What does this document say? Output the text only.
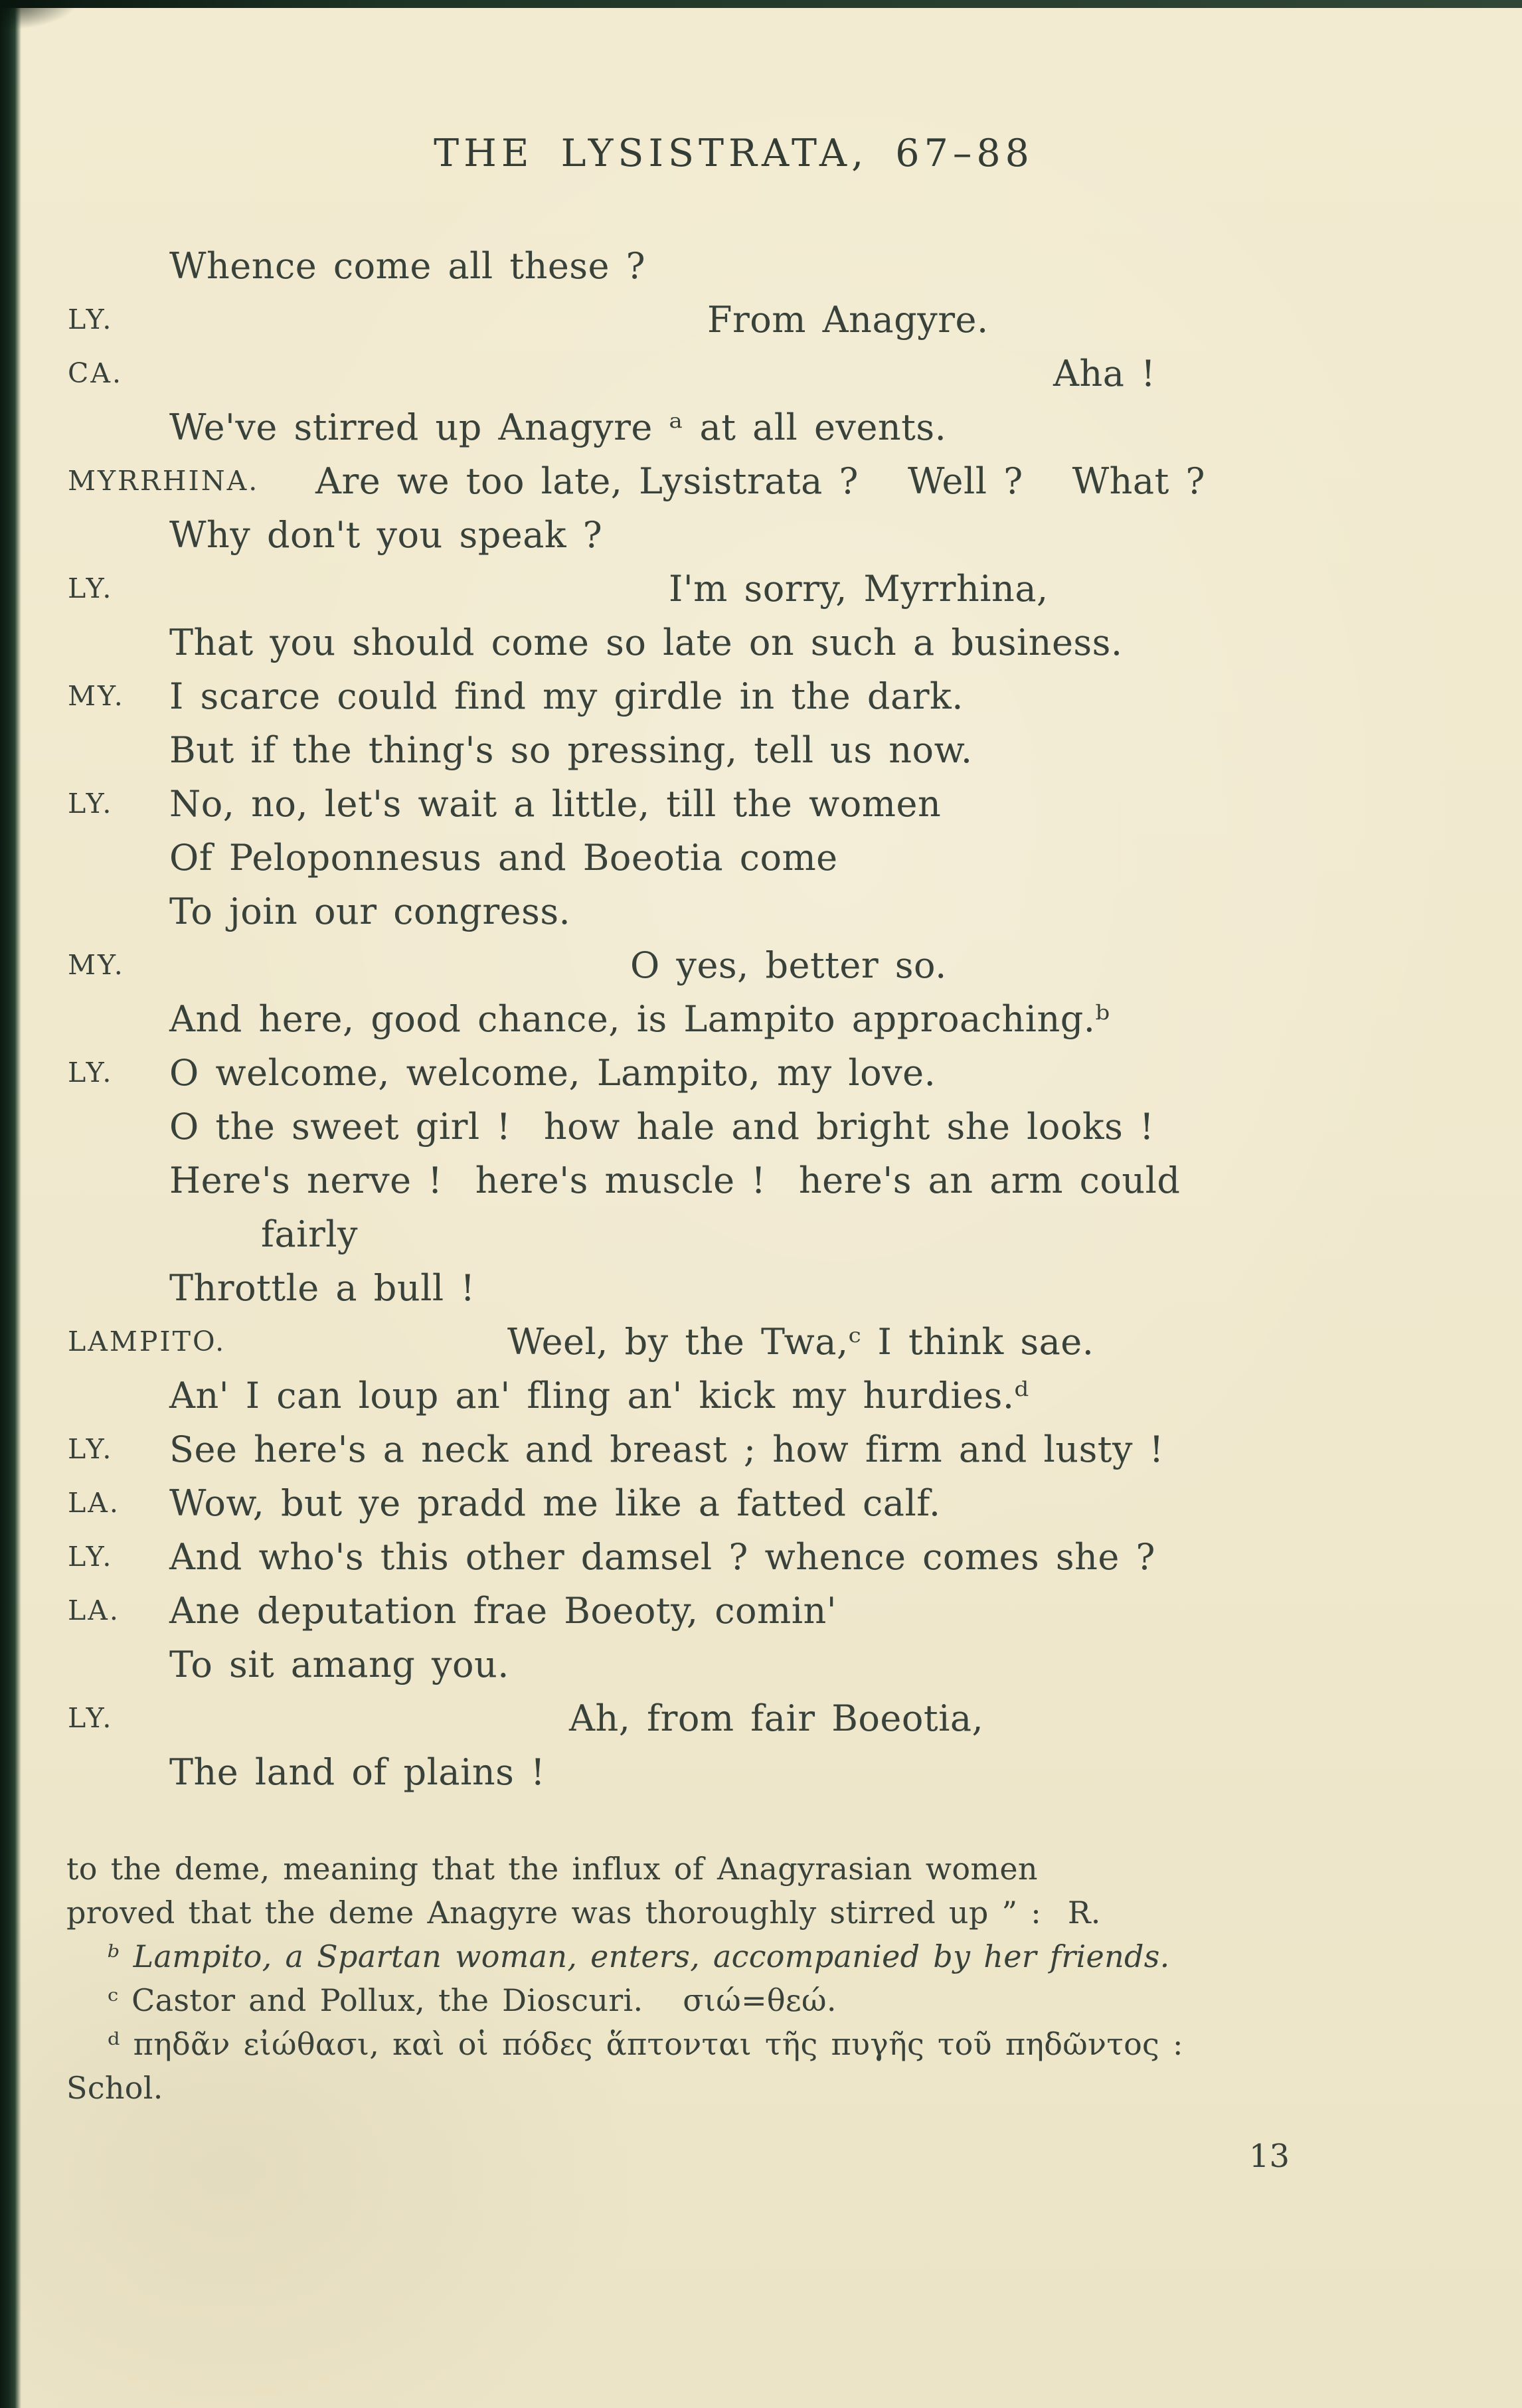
THE LYSISTRATA, 67–88
Whence come all these ?
LY.	From Anagyre.
CA.	Aha !
We've stirred up Anagyre ᵃ at all events.
MYRRHINA. Are we too late, Lysistrata ?   Well ?   What ?
Why don't you speak ?
LY.	I'm sorry, Myrrhina,
That you should come so late on such a business.
MY. I scarce could find my girdle in the dark.
But if the thing's so pressing, tell us now.
LY. No, no, let's wait a little, till the women
Of Peloponnesus and Boeotia come
To join our congress.
MY.	O yes, better so.
And here, good chance, is Lampito approaching.ᵇ
LY. O welcome, welcome, Lampito, my love.
O the sweet girl !  how hale and bright she looks !
Here's nerve !  here's muscle !  here's an arm could
fairly
Throttle a bull !
LAMPITO.	Weel, by the Twa,ᶜ I think sae.
An' I can loup an' fling an' kick my hurdies.ᵈ
LY. See here's a neck and breast ; how firm and lusty !
LA. Wow, but ye pradd me like a fatted calf.
LY. And who's this other damsel ? whence comes she ?
LA. Ane deputation frae Boeoty, comin'
To sit amang you.
LY.	Ah, from fair Boeotia,
The land of plains !
to the deme, meaning that the influx of Anagyrasian women
proved that the deme Anagyre was thoroughly stirred up ” :  R.
ᵇ Lampito, a Spartan woman, enters, accompanied by her friends.
ᶜ Castor and Pollux, the Dioscuri.   σιώ=θεώ.
ᵈ πηδᾶν εἰώθασι, καὶ οἱ πόδες ἅπτονται τῆς πυγῆς τοῦ πηδῶντος :
Schol.
13
